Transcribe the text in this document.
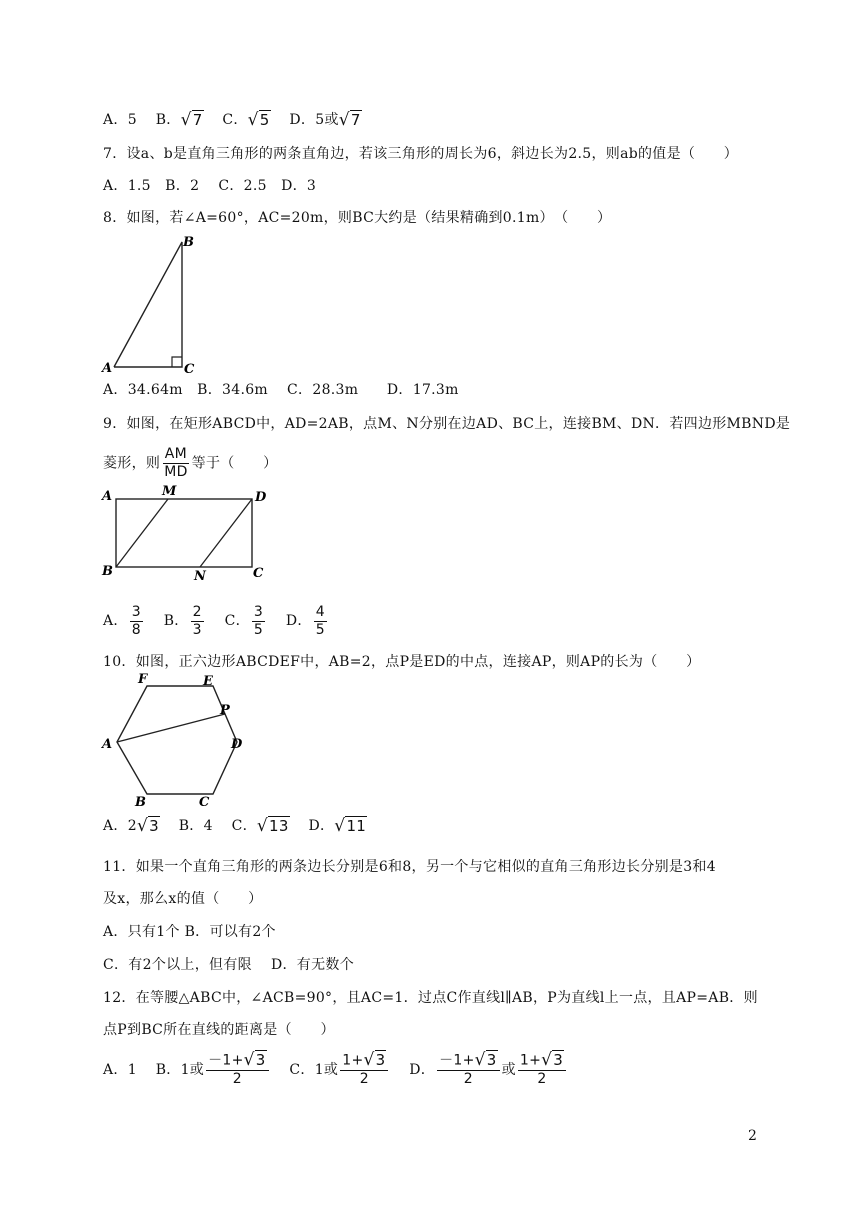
A．5 B．√7 C．√5 D．5或√7
7．设a、b是直角三角形的两条直角边，若该三角形的周长为6，斜边长为2.5，则ab的值是（　　）
A．1.5　B．2　 C．2.5　D．3
8．如图，若∠A=60°，AC=20m，则BC大约是（结果精确到0.1m）　（　　）
A
B
C
A．34.64m　B．34.6m　 C．28.3m　　D．17.3m
9．如图，在矩形ABCD中，AD=2AB，点M、N分别在边AD、BC上，连接BM、DN．若四边形MBND是
菱形，则 $\frac{AM}{MD}$ 等于（　　）
A	M	D
B	N	C
A． $\frac{3}{8}$ B． $\frac{2}{3}$ C． $\frac{3}{5}$ D． $\frac{4}{5}$
10．如图，正六边形ABCDEF中，AB=2，点P是ED的中点，连接AP，则AP的长为（　　）
F	E
P
A	D
B	C
A．2√3 B．4 C．√13 D．√11
11．如果一个直角三角形的两条边长分别是6和8，另一个与它相似的直角三角形边长分别是3和4
及x，那么x的值（　　）
A．只有1个 B．可以有2个
C．有2个以上，但有限　 D．有无数个
12．在等腰△ABC中，∠ACB=90°，且AC=1．过点C作直线l∥AB，P为直线l上一点，且AP=AB．则
点P到BC所在直线的距离是（　　）
A．1 B．1或 $\frac{-1+√3}{2}$ C．1或 $\frac{1+√3}{2}$ D． $\frac{-1+√3}{2}$ 或 $\frac{1+√3}{2}$
2
